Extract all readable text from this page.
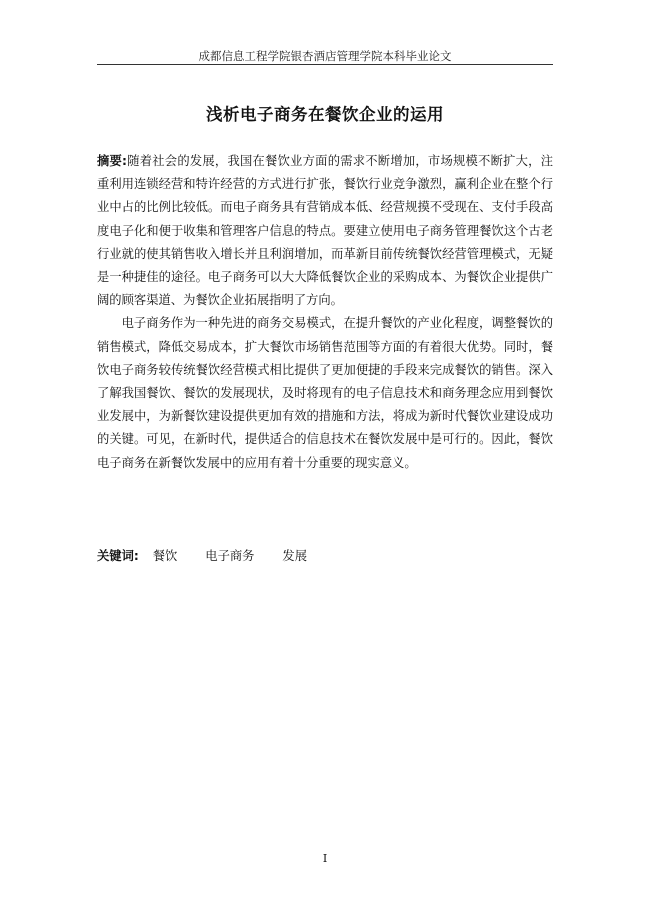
成都信息工程学院银杏酒店管理学院本科毕业论文
浅析电子商务在餐饮企业的运用

摘要:随着社会的发展，我国在餐饮业方面的需求不断增加，市场规模不断扩大，注重利用连锁经营和特许经营的方式进行扩张，餐饮行业竞争激烈，赢利企业在整个行业中占的比例比较低。而电子商务具有营销成本低、经营规摸不受现在、支付手段高度电子化和便于收集和管理客户信息的特点。要建立使用电子商务管理餐饮这个古老行业就的使其销售收入增长并且利润增加，而革新目前传统餐饮经营管理模式，无疑是一种捷佳的途径。电子商务可以大大降低餐饮企业的采购成本、为餐饮企业提供广阔的顾客渠道、为餐饮企业拓展指明了方向。

电子商务作为一种先进的商务交易模式，在提升餐饮的产业化程度，调整餐饮的销售模式，降低交易成本，扩大餐饮市场销售范围等方面的有着很大优势。同时，餐饮电子商务较传统餐饮经营模式相比提供了更加便捷的手段来完成餐饮的销售。深入了解我国餐饮、餐饮的发展现状，及时将现有的电子信息技术和商务理念应用到餐饮业发展中，为新餐饮建设提供更加有效的措施和方法，将成为新时代餐饮业建设成功的关键。可见，在新时代，提供适合的信息技术在餐饮发展中是可行的。因此，餐饮电子商务在新餐饮发展中的应用有着十分重要的现实意义。

关键词: 餐饮 电子商务 发展
I
